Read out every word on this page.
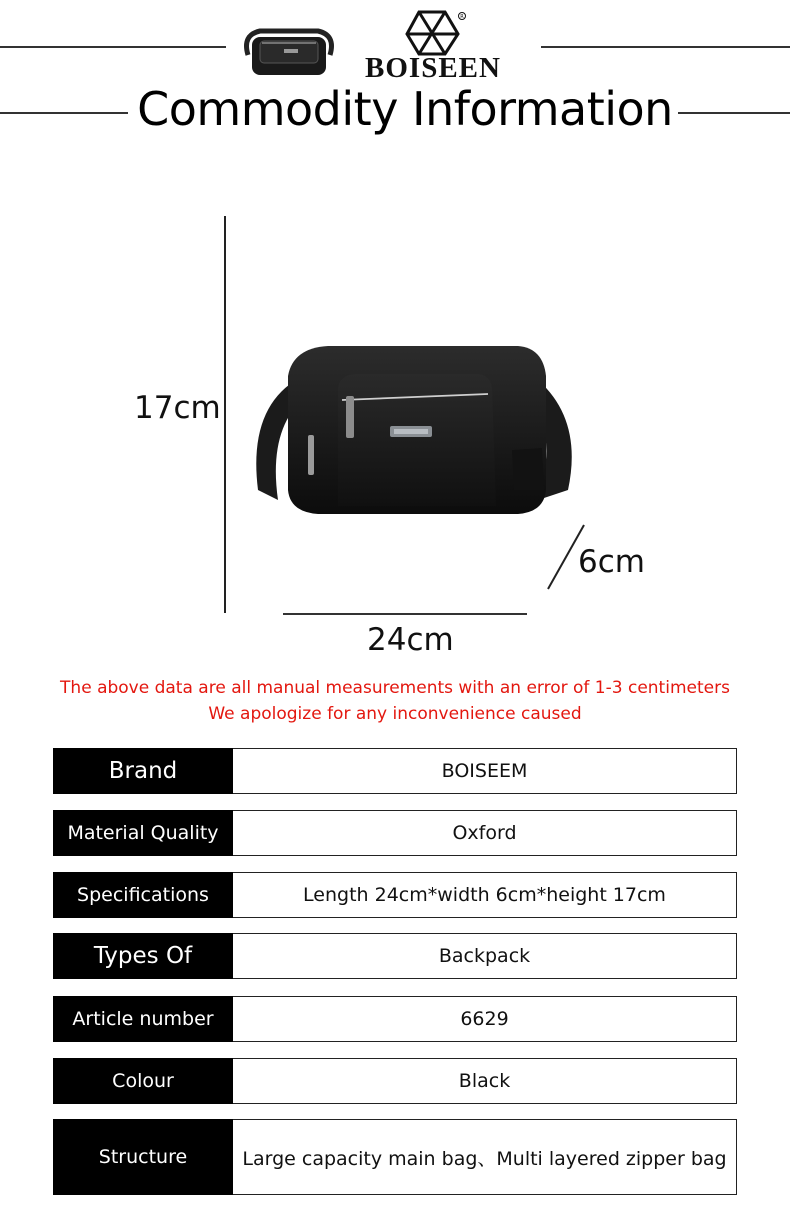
R
BOISEEN
Commodity Information
17cm
6cm
24cm
The above data are all manual measurements with an error of 1-3 centimeters
We apologize for any inconvenience caused
Brand	BOISEEM
Material Quality	Oxford
Specifications	Length 24cm*width 6cm*height 17cm
Types Of	Backpack
Article number	6629
Colour	Black
Structure	Large capacity main bag、Multi layered zipper bag
